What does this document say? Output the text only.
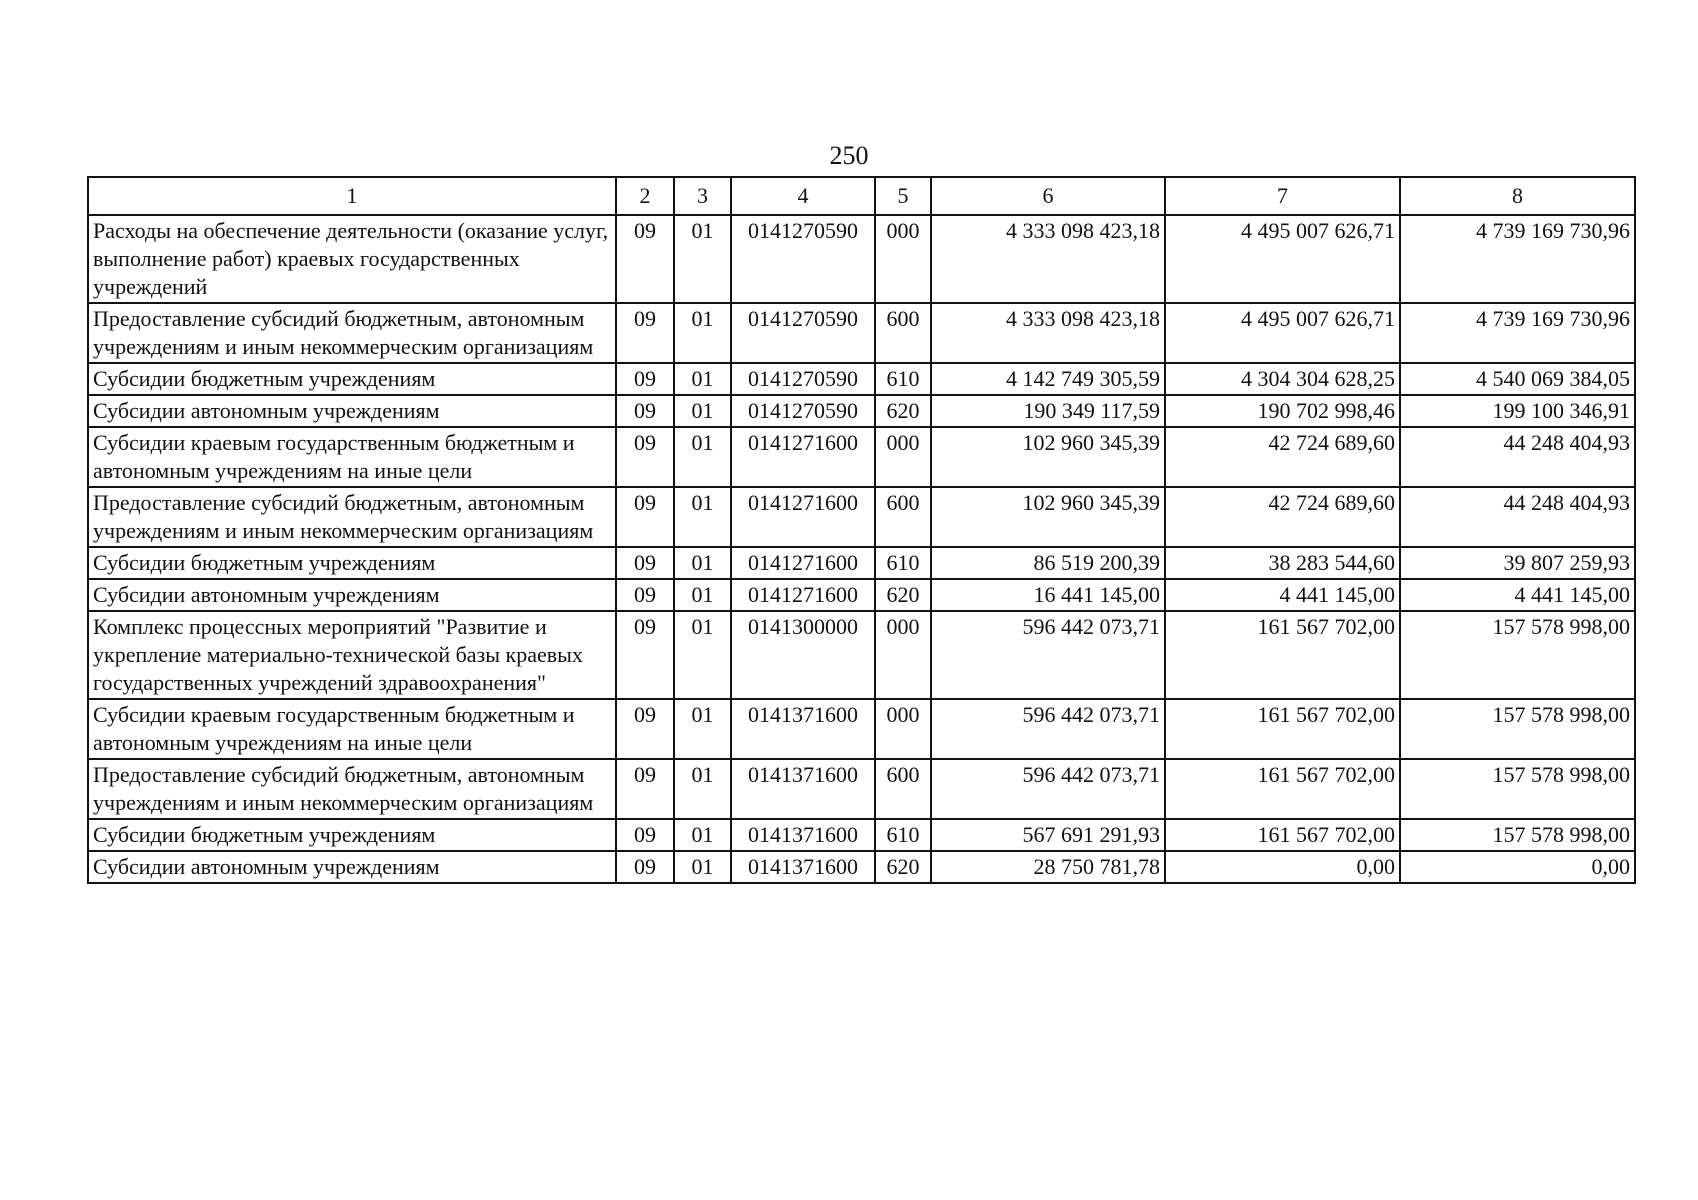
250
1	2	3	4	5	6	7	8
Расходы на обеспечение деятельности (оказание услуг, выполнение работ) краевых государственных учреждений	09	01	0141270590	000	4 333 098 423,18	4 495 007 626,71	4 739 169 730,96
Предоставление субсидий бюджетным, автономным учреждениям и иным некоммерческим организациям	09	01	0141270590	600	4 333 098 423,18	4 495 007 626,71	4 739 169 730,96
Субсидии бюджетным учреждениям	09	01	0141270590	610	4 142 749 305,59	4 304 304 628,25	4 540 069 384,05
Субсидии автономным учреждениям	09	01	0141270590	620	190 349 117,59	190 702 998,46	199 100 346,91
Субсидии краевым государственным бюджетным и автономным учреждениям на иные цели	09	01	0141271600	000	102 960 345,39	42 724 689,60	44 248 404,93
Предоставление субсидий бюджетным, автономным учреждениям и иным некоммерческим организациям	09	01	0141271600	600	102 960 345,39	42 724 689,60	44 248 404,93
Субсидии бюджетным учреждениям	09	01	0141271600	610	86 519 200,39	38 283 544,60	39 807 259,93
Субсидии автономным учреждениям	09	01	0141271600	620	16 441 145,00	4 441 145,00	4 441 145,00
Комплекс процессных мероприятий "Развитие и укрепление материально-технической базы краевых государственных учреждений здравоохранения"	09	01	0141300000	000	596 442 073,71	161 567 702,00	157 578 998,00
Субсидии краевым государственным бюджетным и автономным учреждениям на иные цели	09	01	0141371600	000	596 442 073,71	161 567 702,00	157 578 998,00
Предоставление субсидий бюджетным, автономным учреждениям и иным некоммерческим организациям	09	01	0141371600	600	596 442 073,71	161 567 702,00	157 578 998,00
Субсидии бюджетным учреждениям	09	01	0141371600	610	567 691 291,93	161 567 702,00	157 578 998,00
Субсидии автономным учреждениям	09	01	0141371600	620	28 750 781,78	0,00	0,00
